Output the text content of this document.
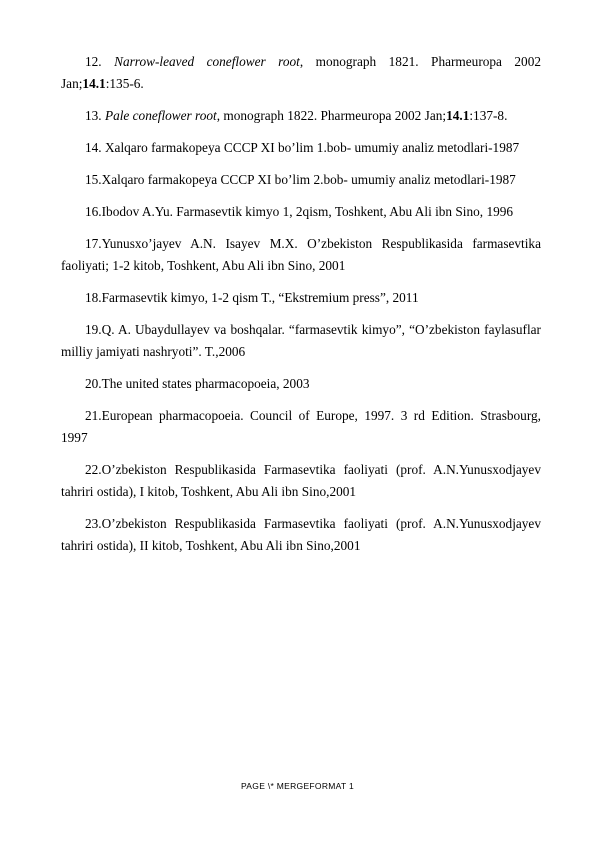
12. Narrow-leaved coneflower root, monograph 1821. Pharmeuropa 2002 Jan;14.1:135-6.

13. Pale coneflower root, monograph 1822. Pharmeuropa 2002 Jan;14.1:137-8.

14. Xalqaro farmakopeya CCCP XI bo’lim 1.bob- umumiy analiz metodlari-1987

15.Xalqaro farmakopeya CCCP XI bo’lim 2.bob- umumiy analiz metodlari-1987

16.Ibodov A.Yu. Farmasevtik kimyo 1, 2qism, Toshkent, Abu Ali ibn Sino, 1996

17.Yunusxo’jayev A.N. Isayev M.X. O’zbekiston Respublikasida farmasevtika faoliyati; 1-2 kitob, Toshkent, Abu Ali ibn Sino, 2001

18.Farmasevtik kimyo, 1-2 qism T., “Ekstremium press”, 2011

19.Q. A. Ubaydullayev va boshqalar. “farmasevtik kimyo”, “O’zbekiston faylasuflar milliy jamiyati nashryoti”. T.,2006

20.The united states pharmacopoeia, 2003

21.European pharmacopoeia. Council of Europe, 1997. 3 rd Edition. Strasbourg, 1997

22.O’zbekiston Respublikasida Farmasevtika faoliyati (prof. A.N.Yunusxodjayev tahriri ostida), I kitob, Toshkent, Abu Ali ibn Sino,2001

23.O’zbekiston Respublikasida Farmasevtika faoliyati (prof. A.N.Yunusxodjayev tahriri ostida), II kitob, Toshkent, Abu Ali ibn Sino,2001

PAGE \* MERGEFORMAT 1
